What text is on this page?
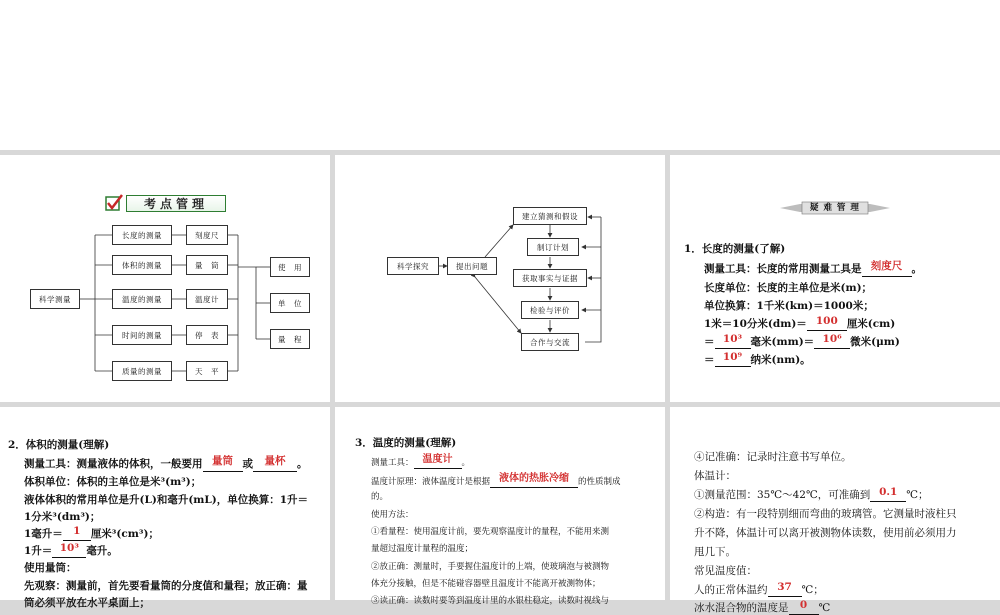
考点管理
科学测量
长度的测量
体积的测量
温度的测量
时间的测量
质量的测量
刻度尺
量　筒
温度计
停　表
天　平
使　用
单　位
量　程
科学探究	提出问题
建立猜测和假设
制订计划
获取事实与证据
检验与评价
合作与交流
疑 难 管 理
1．长度的测量(了解)
测量工具：长度的常用测量工具是 刻度尺 。
长度单位：长度的主单位是米(m)；
单位换算：1千米(km)＝1000米；
1米＝10分米(dm)＝ 100 厘米(cm)
＝ 10³ 毫米(mm)＝ 10⁶ 微米(μm)
＝ 10⁹ 纳米(nm)。
2．体积的测量(理解)
测量工具：测量液体的体积，一般要用 量筒 或 量杯 。
体积单位：体积的主单位是米³(m³)；
液体体积的常用单位是升(L)和毫升(mL)，单位换算：1升＝
1分米³(dm³)；
1毫升＝ 1 厘米³(cm³)；
1升＝ 10³ 毫升。
使用量筒：
先观察：测量前，首先要看量筒的分度值和量程；放正确：量
筒必须平放在水平桌面上；
3．温度的测量(理解)
测量工具： 温度计 。
温度计原理：液体温度计是根据 液体的热胀冷缩 的性质制成
的。
使用方法：
①看量程：使用温度计前，要先观察温度计的量程，不能用来测
量超过温度计量程的温度；
②放正确：测量时，手要握住温度计的上端，使玻璃泡与被测物
体充分接触，但是不能碰容器壁且温度计不能离开被测物体；
③读正确：读数时要等到温度计里的水银柱稳定，读数时视线与
④记准确：记录时注意书写单位。
体温计：
①测量范围：35℃～42℃，可准确到 0.1 ℃；
②构造：有一段特别细而弯曲的玻璃管。它测量时液柱只
升不降，体温计可以离开被测物体读数，使用前必须用力
甩几下。
常见温度值：
人的正常体温约 37 ℃；
冰水混合物的温度是 0 ℃
